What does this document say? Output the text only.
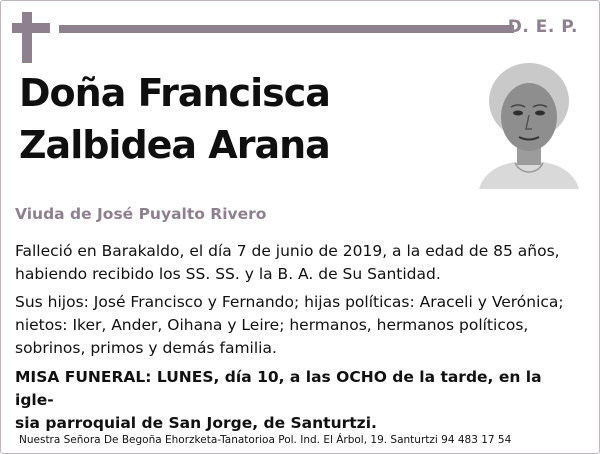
D. E. P.
Doña Francisca
Zalbidea Arana
Viuda de José Puyalto Rivero
Falleció en Barakaldo, el día 7 de junio de 2019, a la edad de 85 años,
habiendo recibido los SS. SS. y la B. A. de Su Santidad.
Sus hijos: José Francisco y Fernando; hijas políticas: Araceli y Verónica;
nietos: Iker, Ander, Oihana y Leire; hermanos, hermanos políticos,
sobrinos, primos y demás familia.
MISA FUNERAL: LUNES, día 10, a las OCHO de la tarde, en la igle-
sia parroquial de San Jorge, de Santurtzi.
Nuestra Señora De Begoña Ehorzketa-Tanatorioa Pol. Ind. El Árbol, 19. Santurtzi 94 483 17 54
